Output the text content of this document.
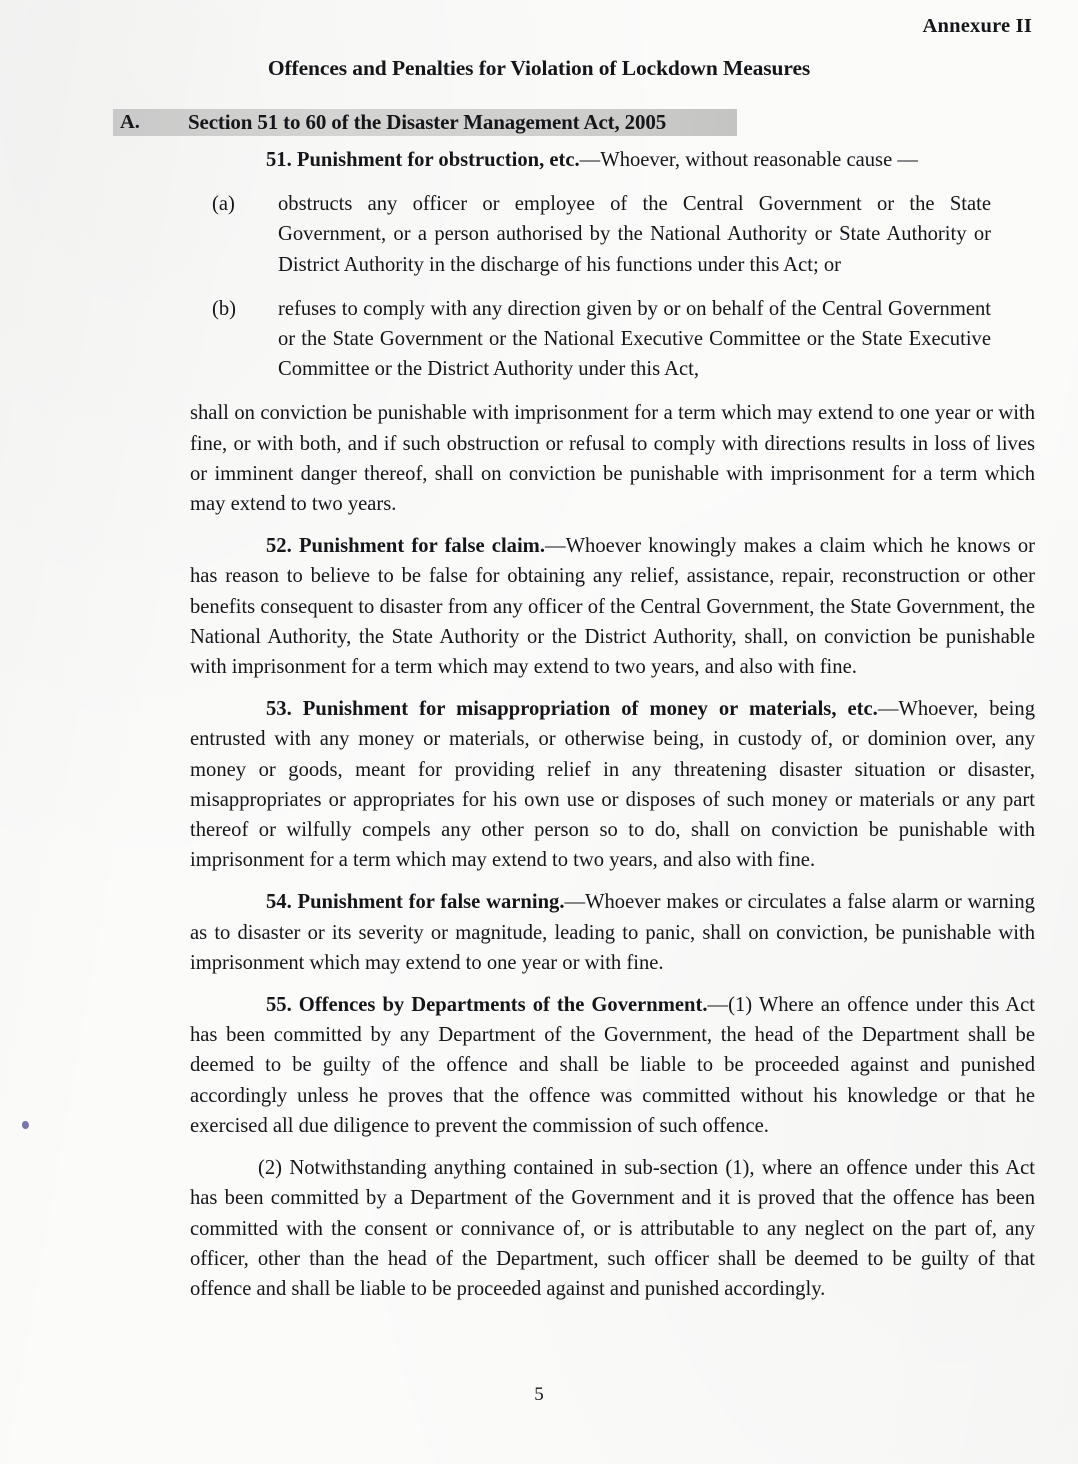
Annexure II
Offences and Penalties for Violation of Lockdown Measures
A. Section 51 to 60 of the Disaster Management Act, 2005

51. Punishment for obstruction, etc.—Whoever, without reasonable cause —

(a)	obstructs any officer or employee of the Central Government or the State Government, or a person authorised by the National Authority or State Authority or District Authority in the discharge of his functions under this Act; or
(b)	refuses to comply with any direction given by or on behalf of the Central Government or the State Government or the National Executive Committee or the State Executive Committee or the District Authority under this Act,

shall on conviction be punishable with imprisonment for a term which may extend to one year or with fine, or with both, and if such obstruction or refusal to comply with directions results in loss of lives or imminent danger thereof, shall on conviction be punishable with imprisonment for a term which may extend to two years.

52. Punishment for false claim.—Whoever knowingly makes a claim which he knows or has reason to believe to be false for obtaining any relief, assistance, repair, reconstruction or other benefits consequent to disaster from any officer of the Central Government, the State Government, the National Authority, the State Authority or the District Authority, shall, on conviction be punishable with imprisonment for a term which may extend to two years, and also with fine.

53. Punishment for misappropriation of money or materials, etc.—Whoever, being entrusted with any money or materials, or otherwise being, in custody of, or dominion over, any money or goods, meant for providing relief in any threatening disaster situation or disaster, misappropriates or appropriates for his own use or disposes of such money or materials or any part thereof or wilfully compels any other person so to do, shall on conviction be punishable with imprisonment for a term which may extend to two years, and also with fine.

54. Punishment for false warning.—Whoever makes or circulates a false alarm or warning as to disaster or its severity or magnitude, leading to panic, shall on conviction, be punishable with imprisonment which may extend to one year or with fine.

55. Offences by Departments of the Government.—(1) Where an offence under this Act has been committed by any Department of the Government, the head of the Department shall be deemed to be guilty of the offence and shall be liable to be proceeded against and punished accordingly unless he proves that the offence was committed without his knowledge or that he exercised all due diligence to prevent the commission of such offence.

(2) Notwithstanding anything contained in sub-section (1), where an offence under this Act has been committed by a Department of the Government and it is proved that the offence has been committed with the consent or connivance of, or is attributable to any neglect on the part of, any officer, other than the head of the Department, such officer shall be deemed to be guilty of that offence and shall be liable to be proceeded against and punished accordingly.

5
